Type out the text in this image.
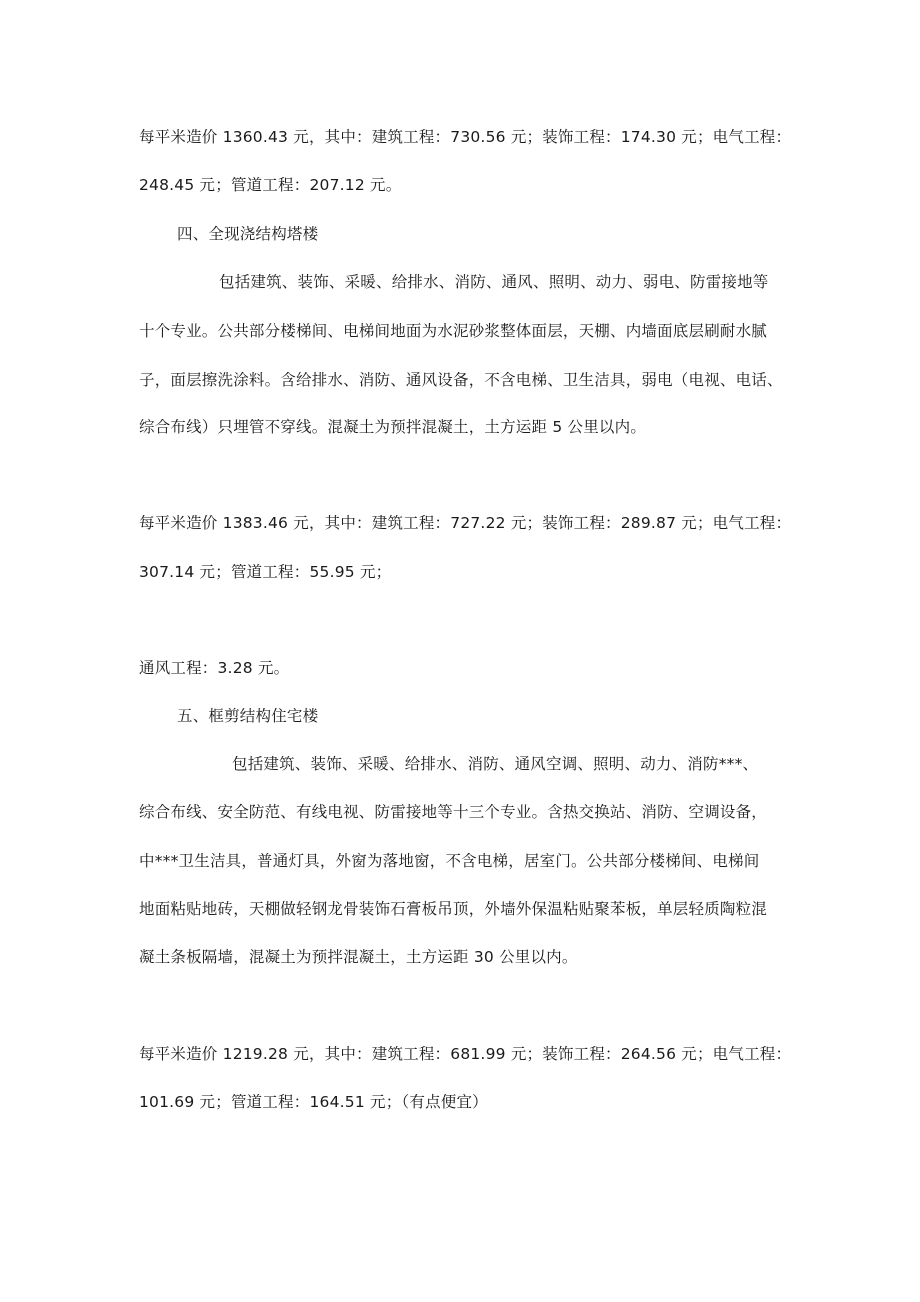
每平米造价 1360.43 元，其中：建筑工程：730.56 元；装饰工程：174.30 元；电气工程：
248.45 元；管道工程：207.12 元。
四、全现浇结构塔楼
包括建筑、装饰、采暖、给排水、消防、通风、照明、动力、弱电、防雷接地等
十个专业。公共部分楼梯间、电梯间地面为水泥砂浆整体面层，天棚、内墙面底层刷耐水腻
子，面层擦洗涂料。含给排水、消防、通风设备，不含电梯、卫生洁具，弱电（电视、电话、
综合布线）只埋管不穿线。混凝土为预拌混凝土，土方运距 5 公里以内。
每平米造价 1383.46 元，其中：建筑工程：727.22 元；装饰工程：289.87 元；电气工程：
307.14 元；管道工程：55.95 元；
通风工程：3.28 元。
五、框剪结构住宅楼
包括建筑、装饰、采暖、给排水、消防、通风空调、照明、动力、消防***、
综合布线、安全防范、有线电视、防雷接地等十三个专业。含热交换站、消防、空调设备，
中***卫生洁具，普通灯具，外窗为落地窗，不含电梯，居室门。公共部分楼梯间、电梯间
地面粘贴地砖，天棚做轻钢龙骨装饰石膏板吊顶，外墙外保温粘贴聚苯板，单层轻质陶粒混
凝土条板隔墙，混凝土为预拌混凝土，土方运距 30 公里以内。
每平米造价 1219.28 元，其中：建筑工程：681.99 元；装饰工程：264.56 元；电气工程：
101.69 元；管道工程：164.51 元；（有点便宜）
